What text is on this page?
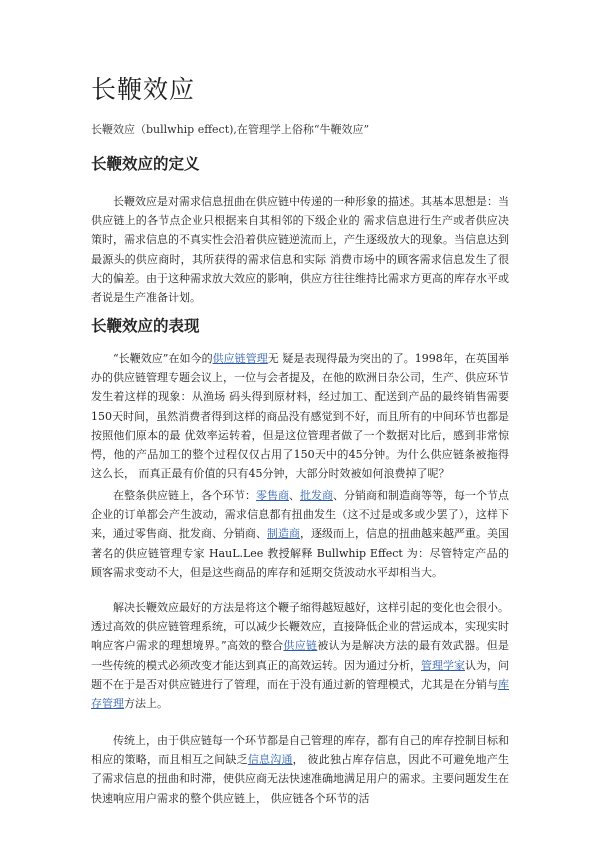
长鞭效应

长鞭效应（bullwhip effect),在管理学上俗称“牛鞭效应”

长鞭效应的定义

长鞭效应是对需求信息扭曲在供应链中传递的一种形象的描述。其基本思想是：当供应链上的各节点企业只根据来自其相邻的下级企业的 需求信息进行生产或者供应决策时，需求信息的不真实性会沿着供应链逆流而上，产生逐级放大的现象。当信息达到最源头的供应商时，其所获得的需求信息和实际 消费市场中的顾客需求信息发生了很大的偏差。由于这种需求放大效应的影响，供应方往往维持比需求方更高的库存水平或者说是生产准备计划。

长鞭效应的表现

“长鞭效应”在如今的供应链管理无 疑是表现得最为突出的了。1998年，在英国举办的供应链管理专题会议上，一位与会者提及，在他的欧洲日杂公司，生产、供应环节发生着这样的现象：从渔场 码头得到原材料，经过加工、配送到产品的最终销售需要150天时间，虽然消费者得到这样的商品没有感觉到不好，而且所有的中间环节也都是按照他们原本的最 优效率运转着，但是这位管理者做了一个数据对比后，感到非常惊愕，他的产品加工的整个过程仅仅占用了150天中的45分钟。为什么供应链条被拖得这么长， 而真正最有价值的只有45分钟，大部分时效被如何浪费掉了呢？

在整条供应链上，各个环节：零售商、批发商、分销商和制造商等等，每一个节点企业的订单都会产生波动，需求信息都有扭曲发生（这不过是或多或少罢了），这样下来，通过零售商、批发商、分销商、制造商，逐级而上，信息的扭曲越来越严重。美国著名的供应链管理专家 HauL.Lee 教授解释 Bullwhip Effect 为：尽管特定产品的顾客需求变动不大，但是这些商品的库存和延期交货波动水平却相当大。

解决长鞭效应最好的方法是将这个鞭子缩得越短越好，这样引起的变化也会很小。透过高效的供应链管理系统，可以减少长鞭效应，直接降低企业的营运成本，实现实时响应客户需求的理想境界。”高效的整合供应链被认为是解决方法的最有效武器。但是一些传统的模式必须改变才能达到真正的高效运转。因为通过分析，管理学家认为，问题不在于是否对供应链进行了管理，而在于没有通过新的管理模式，尤其是在分销与库存管理方法上。

传统上，由于供应链每一个环节都是自己管理的库存，都有自己的库存控制目标和相应的策略，而且相互之间缺乏信息沟通， 彼此独占库存信息，因此不可避免地产生了需求信息的扭曲和时滞，使供应商无法快速准确地满足用户的需求。主要问题发生在快速响应用户需求的整个供应链上， 供应链各个环节的活
